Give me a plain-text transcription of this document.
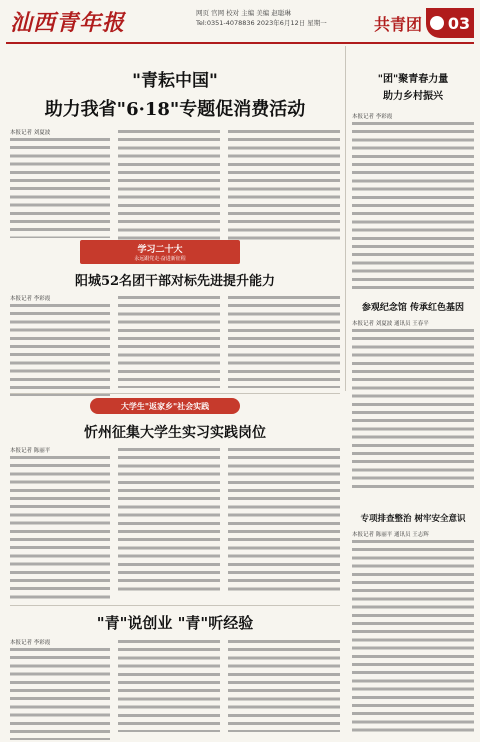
汕西青年报	网页 官网 校对 主编 美编 赵聪琳
Tel:0351-4078836 2023年6月12日 星期一	共青团 03
"青耘中国"
助力我省"6·18"专题促消费活动
本报记者 刘夏波
"团"聚青春力量
助力乡村振兴
本报记者 李彩霞
学习二十大
永远跟党走·奋进新征程
阳城52名团干部对标先进提升能力
本报记者 李彩霞
参观纪念馆 传承红色基因
本报记者 刘夏波 通讯员 王春平
大学生"返家乡"社会实践
忻州征集大学生实习实践岗位
本报记者 陈丽平
专项排查整治 树牢安全意识
本报记者 陈丽平 通讯员 王志辉
"青"说创业 "青"听经验
本报记者 李彩霞
